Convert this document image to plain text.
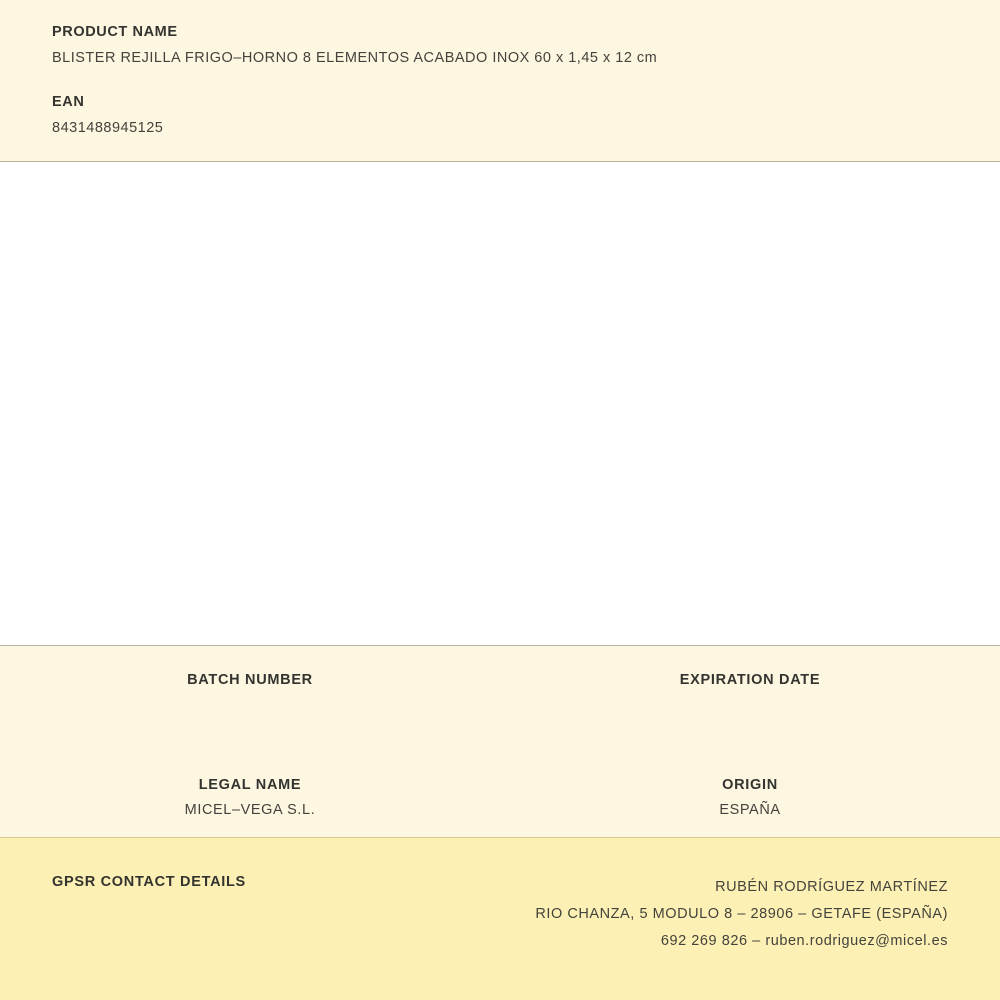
PRODUCT NAME
BLISTER REJILLA FRIGO–HORNO 8 ELEMENTOS ACABADO INOX 60 x 1,45 x 12 cm
EAN
8431488945125
BATCH NUMBER	EXPIRATION DATE
LEGAL NAME
MICEL–VEGA S.L.
ORIGIN
ESPAÑA
GPSR CONTACT DETAILS	RUBÉN RODRÍGUEZ MARTÍNEZ
RIO CHANZA, 5 MODULO 8 – 28906 – GETAFE (ESPAÑA)
692 269 826 – ruben.rodriguez@micel.es
